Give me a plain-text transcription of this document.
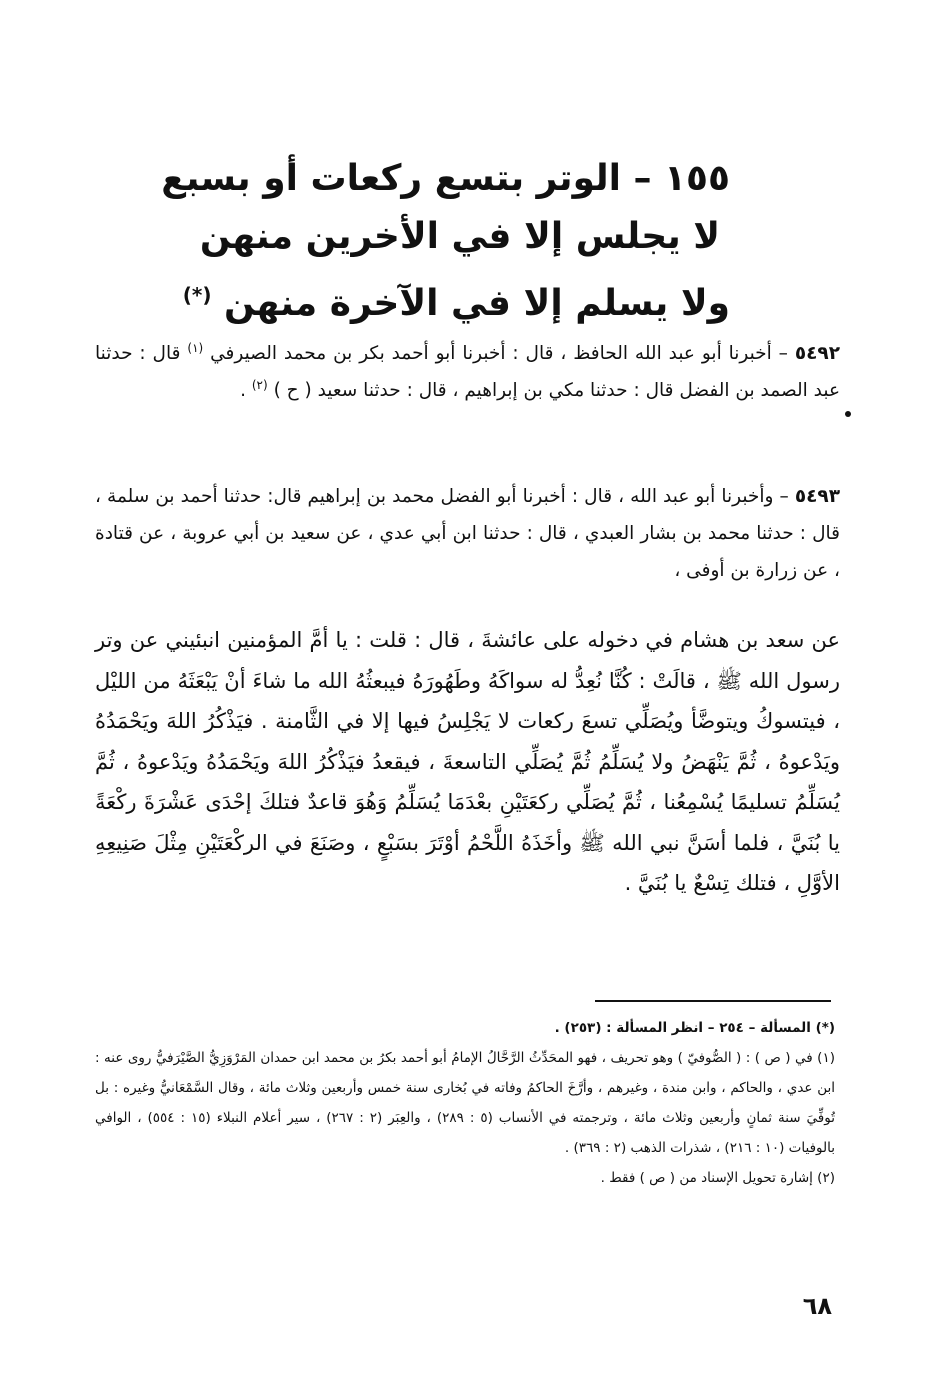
١٥٥ – الوتر بتسع ركعات أو بسبع
لا يجلس إلا في الأخرين منهن
ولا يسلم إلا في الآخرة منهن (*)
٥٤٩٢ – أخبرنا أبو عبد الله الحافظ ، قال : أخبرنا أبو أحمد بكر بن محمد الصيرفي $^{(١)}$ قال : حدثنا عبد الصمد بن الفضل قال : حدثنا مكي بن إبراهيم ، قال : حدثنا سعيد ( ح ) $^{(٢)}$ .
٥٤٩٣ – وأخبرنا أبو عبد الله ، قال : أخبرنا أبو الفضل محمد بن إبراهيم قال: حدثنا أحمد بن سلمة ، قال : حدثنا محمد بن بشار العبدي ، قال : حدثنا ابن أبي عدي ، عن سعيد بن أبي عروبة ، عن قتادة ، عن زرارة بن أوفى ،
عن سعد بن هشام في دخوله على عائشةَ ، قال : قلت : يا أمَّ المؤمنين انبئيني عن وتر رسول الله ﷺ ، قالَتْ : كُنَّا نُعِدُّ له سواكَهُ وطَهُورَهُ فيبعثُهُ الله ما شاءَ أنْ يَبْعَثَهُ من الليْل ، فيتسوكُ ويتوضَّأ ويُصَلِّي تسعَ ركعات لا يَجْلِسُ فيها إلا في الثَّامنة . فيَذْكُرُ اللهَ ويَحْمَدُهُ ويَدْعوهُ ، ثُمَّ يَنْهَضُ ولا يُسَلِّمُ ثُمَّ يُصَلِّي التاسعةَ ، فيقعدُ فيَذْكُرُ اللهَ ويَحْمَدُهُ ويَدْعوهُ ، ثُمَّ يُسَلِّمُ تسليمًا يُسْمِعُنا ، ثُمَّ يُصَلِّي ركعَتَيْنِ بعْدَمَا يُسَلِّمُ وَهُوَ قاعدٌ فتلكَ إحْدَى عَشْرَةَ ركْعَةً يا بُنَيَّ ، فلما أسَنَّ نبي الله ﷺ وأخَذَهُ اللَّحْمُ أوْتَرَ بسَبْعٍ ، وصَنَعَ في الركْعَتَيْنِ مِثْلَ صَنِيعِهِ الأوَّلِ ، فتلك تِسْعٌ يا بُنَيَّ .

(*) المسألة – ٢٥٤ – انظر المسألة : (٢٥٣) .

(١) في ( ص ) : ( الصُّوفيّ ) وهو تحريف ، فهو المحَدِّثُ الرَّحَّالُ الإمامُ أبو أحمد بكرُ بن محمد ابن حمدان المَرْوَزِيُّ الصَّيْرَفيُّ روى عنه : ابن عدي ، والحاكم ، وابن مندة ، وغيرهم ، وأرَّخَ الحاكمُ وفاته في بُخارى سنة خمس وأربعين وثلاث مائة ، وقال السَّمْعَانيُّ وغيره : بل تُوفِّيَ سنة ثمانٍ وأربعين وثلاث مائة ، وترجمته في الأنساب (٥ : ٢٨٩) ، والعِبَر (٢ : ٢٦٧) ، سير أعلام النبلاء (١٥ : ٥٥٤) ، الوافي بالوفيات (١٠ : ٢١٦) ، شذرات الذهب (٢ : ٣٦٩) .

(٢) إشارة تحويل الإسناد من ( ص ) فقط .

٦٨
